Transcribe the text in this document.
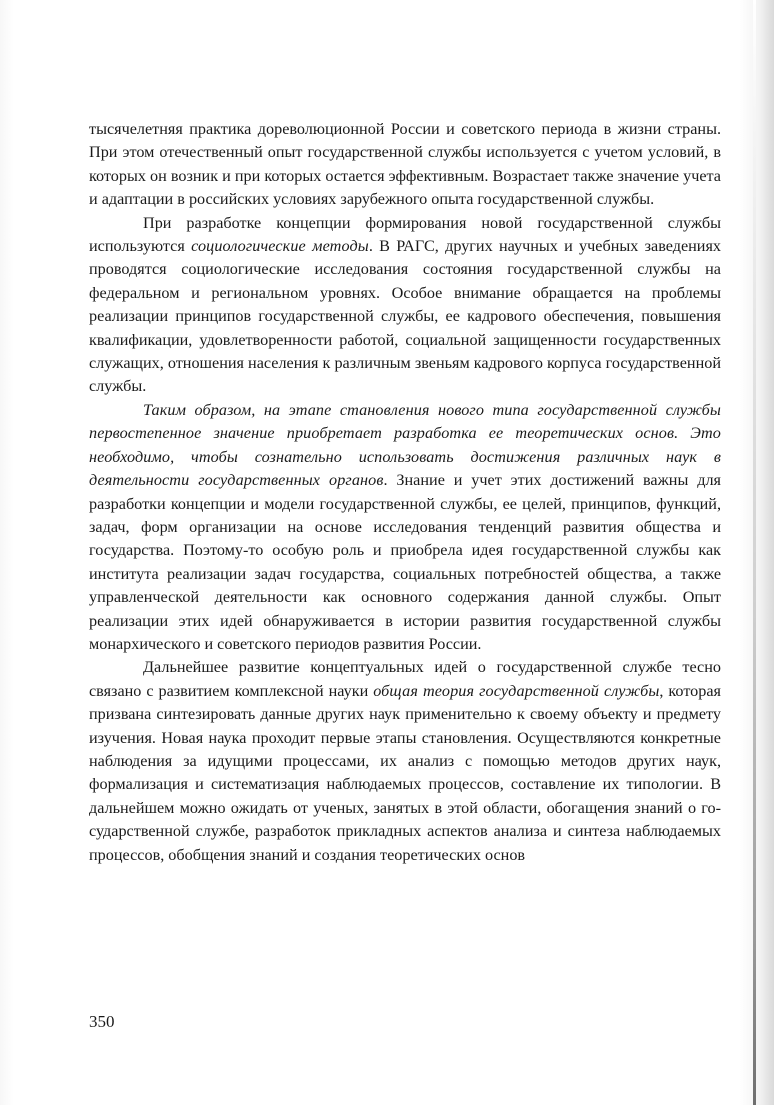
тысячелетняя практика дореволюционной России и советского периода в жизни страны. При этом отечественный опыт государственной службы используется с учетом условий, в которых он возник и при которых остается эффективным. Возрастает также значение учета и адаптации в российских условиях зарубежного опыта государственной службы.

При разработке концепции формирования новой государственной службы используются социологические методы. В РАГС, других научных и учебных заведениях проводятся социологические исследования состояния государственной службы на федеральном и региональном уровнях. Особое внимание обращается на проблемы реализации принципов государственной службы, ее кадрового обеспечения, повышения квалификации, удовлетворенности работой, социальной защищенности государственных служащих, отношения населения к различным звеньям кадрового корпуса государственной службы.

Таким образом, на этапе становления нового типа государственной службы первостепенное значение приобретает разработка ее теоретических основ. Это необходимо, чтобы сознательно использовать достижения различных наук в деятельности государственных органов. Знание и учет этих достижений важны для разработки концепции и модели государственной службы, ее целей, принципов, функций, задач, форм организации на основе исследования тенденций развития общества и государства. Поэтому-то особую роль и приобрела идея государственной службы как института реализации задач государства, социальных потребностей общества, а также управленческой деятельности как основного содержания данной службы. Опыт реализации этих идей обнаруживается в истории развития государственной службы монархического и советского периодов развития России.

Дальнейшее развитие концептуальных идей о государственной службе тесно связано с развитием комплексной науки общая теория государственной службы, которая призвана синтезировать данные других наук применительно к своему объекту и предмету изучения. Новая наука проходит первые этапы становления. Осуществляются конкретные наблюдения за идущими процессами, их анализ с помощью методов других наук, формализация и систематизация наблюдаемых процессов, составление их типологии. В дальнейшем можно ожидать от ученых, занятых в этой области, обогащения знаний о государственной службе, разработок прикладных аспектов анализа и синтеза наблюдаемых процессов, обобщения знаний и создания теоретических основ

350
